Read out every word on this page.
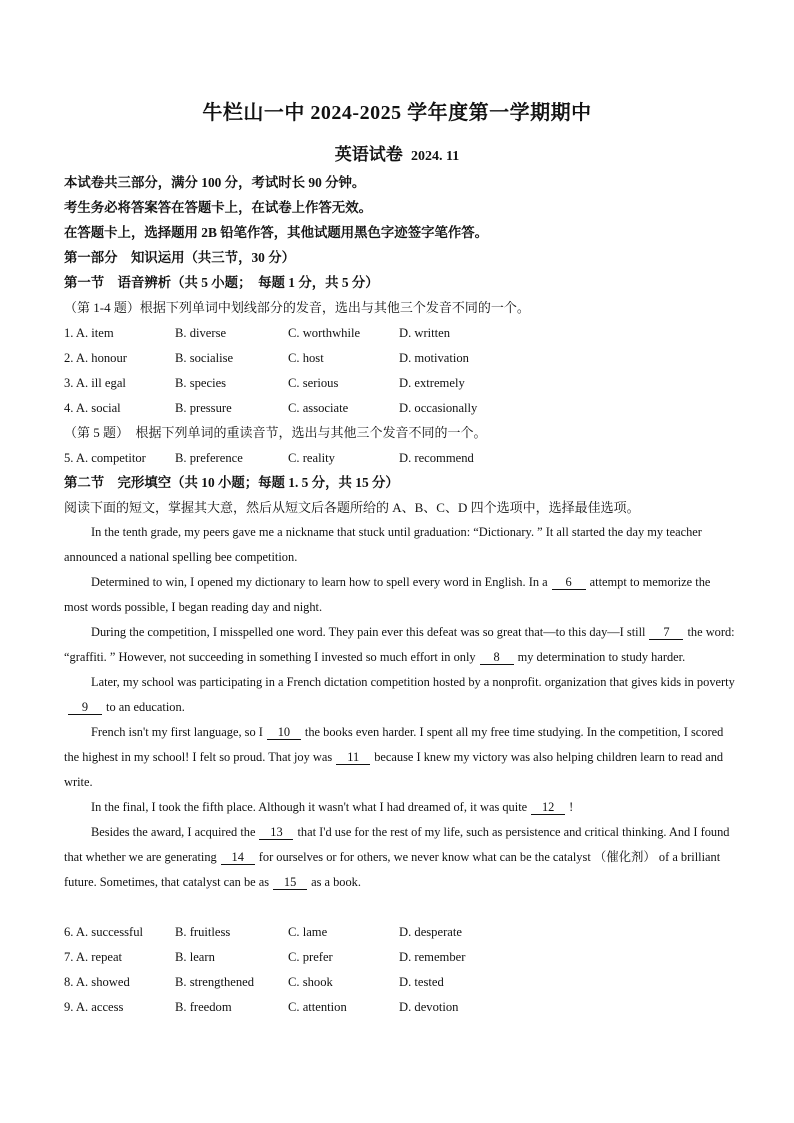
牛栏山一中 2024-2025 学年度第一学期期中
英语试卷 2024. 11
本试卷共三部分，满分 100 分，考试时长 90 分钟。
考生务必将答案答在答题卡上，在试卷上作答无效。
在答题卡上，选择题用 2B 铅笔作答，其他试题用黑色字迹签字笔作答。
第一部分　知识运用（共三节，30 分）
第一节　语音辨析（共 5 小题；　每题 1 分，共 5 分）
（第 1-4 题）根据下列单词中划线部分的发音，选出与其他三个发音不同的一个。
1. A. item	B. diverse	C. worthwhile	D. written
2. A. honour	B. socialise	C. host	D. motivation
3. A. ill egal	B. species	C. serious	D. extremely
4. A. social	B. pressure	C. associate	D. occasionally
（第 5 题）　根据下列单词的重读音节，选出与其他三个发音不同的一个。
5. A. competitor B. preference	C. reality	D. recommend
第二节　完形填空（共 10 小题；每题 1. 5 分，共 15 分）
阅读下面的短文，掌握其大意，然后从短文后各题所给的 A、B、C、D 四个选项中，选择最佳选项。
In the tenth grade, my peers gave me a nickname that stuck until graduation: “Dictionary. ” It all started the day my teacher announced a national spelling bee competition.
Determined to win, I opened my dictionary to learn how to spell every word in English. In a 6 attempt to memorize the most words possible, I began reading day and night.
During the competition, I misspelled one word. They pain ever this defeat was so great that—to this day—I still 7 the word: “graffiti. ” However, not succeeding in something I invested so much effort in only 8 my determination to study harder.
Later, my school was participating in a French dictation competition hosted by a nonprofit. organization that gives kids in poverty9 to an education.
French isn't my first language, so I 10 the books even harder. I spent all my free time studying. In the competition, I scored the highest in my school! I felt so proud. That joy was 11 because I knew my victory was also helping children learn to read and write.
In the final, I took the fifth place. Although it wasn't what I had dreamed of, it was quite 12 !
Besides the award, I acquired the 13 that I'd use for the rest of my life, such as persistence and critical thinking. And I found that whether we are generating 14 for ourselves or for others, we never know what can be the catalyst （催化剂） of a brilliant future. Sometimes, that catalyst can be as 15 as a book.
6. A. successful	B. fruitless	C. lame	D. desperate
7. A. repeat	B. learn	C. prefer	D. remember
8. A. showed	B. strengthened	C. shook	D. tested
9. A. access	B. freedom	C. attention	D. devotion
